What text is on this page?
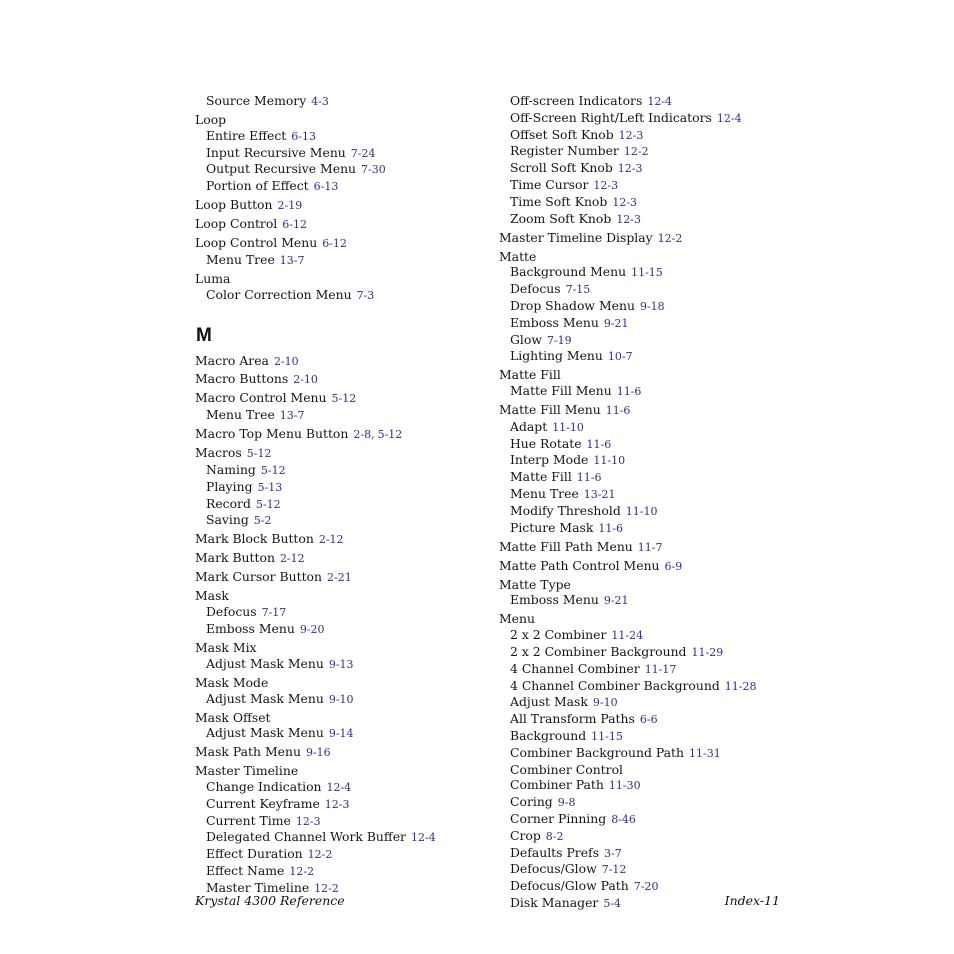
Source Memory 4-3
Loop
Entire Effect 6-13
Input Recursive Menu 7-24
Output Recursive Menu 7-30
Portion of Effect 6-13
Loop Button 2-19
Loop Control 6-12
Loop Control Menu 6-12
Menu Tree 13-7
Luma
Color Correction Menu 7-3
M
Macro Area 2-10
Macro Buttons 2-10
Macro Control Menu 5-12
Menu Tree 13-7
Macro Top Menu Button 2-8, 5-12
Macros 5-12
Naming 5-12
Playing 5-13
Record 5-12
Saving 5-2
Mark Block Button 2-12
Mark Button 2-12
Mark Cursor Button 2-21
Mask
Defocus 7-17
Emboss Menu 9-20
Mask Mix
Adjust Mask Menu 9-13
Mask Mode
Adjust Mask Menu 9-10
Mask Offset
Adjust Mask Menu 9-14
Mask Path Menu 9-16
Master Timeline
Change Indication 12-4
Current Keyframe 12-3
Current Time 12-3
Delegated Channel Work Buffer 12-4
Effect Duration 12-2
Effect Name 12-2
Master Timeline 12-2
Off-screen Indicators 12-4
Off-Screen Right/Left Indicators 12-4
Offset Soft Knob 12-3
Register Number 12-2
Scroll Soft Knob 12-3
Time Cursor 12-3
Time Soft Knob 12-3
Zoom Soft Knob 12-3
Master Timeline Display 12-2
Matte
Background Menu 11-15
Defocus 7-15
Drop Shadow Menu 9-18
Emboss Menu 9-21
Glow 7-19
Lighting Menu 10-7
Matte Fill
Matte Fill Menu 11-6
Matte Fill Menu 11-6
Adapt 11-10
Hue Rotate 11-6
Interp Mode 11-10
Matte Fill 11-6
Menu Tree 13-21
Modify Threshold 11-10
Picture Mask 11-6
Matte Fill Path Menu 11-7
Matte Path Control Menu 6-9
Matte Type
Emboss Menu 9-21
Menu
2 x 2 Combiner 11-24
2 x 2 Combiner Background 11-29
4 Channel Combiner 11-17
4 Channel Combiner Background 11-28
Adjust Mask 9-10
All Transform Paths 6-6
Background 11-15
Combiner Background Path 11-31
Combiner Control
Combiner Path 11-30
Coring 9-8
Corner Pinning 8-46
Crop 8-2
Defaults Prefs 3-7
Defocus/Glow 7-12
Defocus/Glow Path 7-20
Disk Manager 5-4
Krystal 4300 Reference	Index-11
